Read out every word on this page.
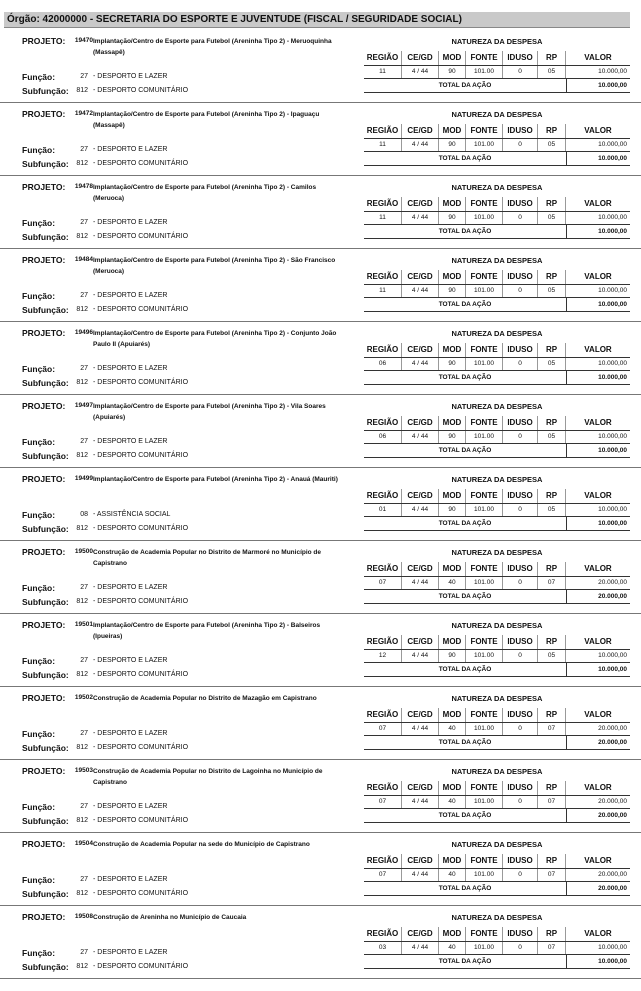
Órgão: 42000000 - SECRETARIA DO ESPORTE E JUVENTUDE (FISCAL / SEGURIDADE SOCIAL)
PROJETO:	19470 Implantação/Centro de Esporte para Futebol (Areninha Tipo 2) - Meruoquinha (Massapê)
Função:	27 - DESPORTO E LAZER
Subfunção:	812 - DESPORTO COMUNITÁRIO
NATUREZA DA DESPESA
REGIÃO	CE/GD	MOD	FONTE	IDUSO	RP	VALOR
11	4 / 44	90	101.00	0	05	10.000,00
TOTAL DA AÇÃO	10.000,00
PROJETO:	19472 Implantação/Centro de Esporte para Futebol (Areninha Tipo 2) - Ipaguaçu (Massapê)
Função:	27 - DESPORTO E LAZER
Subfunção:	812 - DESPORTO COMUNITÁRIO
NATUREZA DA DESPESA
REGIÃO	CE/GD	MOD	FONTE	IDUSO	RP	VALOR
11	4 / 44	90	101.00	0	05	10.000,00
TOTAL DA AÇÃO	10.000,00
PROJETO:	19478 Implantação/Centro de Esporte para Futebol (Areninha Tipo 2) - Camilos (Meruoca)
Função:	27 - DESPORTO E LAZER
Subfunção:	812 - DESPORTO COMUNITÁRIO
NATUREZA DA DESPESA
REGIÃO	CE/GD	MOD	FONTE	IDUSO	RP	VALOR
11	4 / 44	90	101.00	0	05	10.000,00
TOTAL DA AÇÃO	10.000,00
PROJETO:	19484 Implantação/Centro de Esporte para Futebol (Areninha Tipo 2) - São Francisco (Meruoca)
Função:	27 - DESPORTO E LAZER
Subfunção:	812 - DESPORTO COMUNITÁRIO
NATUREZA DA DESPESA
REGIÃO	CE/GD	MOD	FONTE	IDUSO	RP	VALOR
11	4 / 44	90	101.00	0	05	10.000,00
TOTAL DA AÇÃO	10.000,00
PROJETO:	19496 Implantação/Centro de Esporte para Futebol (Areninha Tipo 2) - Conjunto João Paulo II (Apuiarés)
Função:	27 - DESPORTO E LAZER
Subfunção:	812 - DESPORTO COMUNITÁRIO
NATUREZA DA DESPESA
REGIÃO	CE/GD	MOD	FONTE	IDUSO	RP	VALOR
06	4 / 44	90	101.00	0	05	10.000,00
TOTAL DA AÇÃO	10.000,00
PROJETO:	19497 Implantação/Centro de Esporte para Futebol (Areninha Tipo 2) - Vila Soares (Apuiarés)
Função:	27 - DESPORTO E LAZER
Subfunção:	812 - DESPORTO COMUNITÁRIO
NATUREZA DA DESPESA
REGIÃO	CE/GD	MOD	FONTE	IDUSO	RP	VALOR
06	4 / 44	90	101.00	0	05	10.000,00
TOTAL DA AÇÃO	10.000,00
PROJETO:	19499 Implantação/Centro de Esporte para Futebol (Areninha Tipo 2) - Anauá (Mauriti)
Função:	08 - ASSISTÊNCIA SOCIAL
Subfunção:	812 - DESPORTO COMUNITÁRIO
NATUREZA DA DESPESA
REGIÃO	CE/GD	MOD	FONTE	IDUSO	RP	VALOR
01	4 / 44	90	101.00	0	05	10.000,00
TOTAL DA AÇÃO	10.000,00
PROJETO:	19500 Construção de Academia Popular no Distrito de Marmoré no Município de Capistrano
Função:	27 - DESPORTO E LAZER
Subfunção:	812 - DESPORTO COMUNITÁRIO
NATUREZA DA DESPESA
REGIÃO	CE/GD	MOD	FONTE	IDUSO	RP	VALOR
07	4 / 44	40	101.00	0	07	20.000,00
TOTAL DA AÇÃO	20.000,00
PROJETO:	19501 Implantação/Centro de Esporte para Futebol (Areninha Tipo 2) - Balseiros (Ipueiras)
Função:	27 - DESPORTO E LAZER
Subfunção:	812 - DESPORTO COMUNITÁRIO
NATUREZA DA DESPESA
REGIÃO	CE/GD	MOD	FONTE	IDUSO	RP	VALOR
12	4 / 44	90	101.00	0	05	10.000,00
TOTAL DA AÇÃO	10.000,00
PROJETO:	19502 Construção de Academia Popular no Distrito de Mazagão em Capistrano
Função:	27 - DESPORTO E LAZER
Subfunção:	812 - DESPORTO COMUNITÁRIO
NATUREZA DA DESPESA
REGIÃO	CE/GD	MOD	FONTE	IDUSO	RP	VALOR
07	4 / 44	40	101.00	0	07	20.000,00
TOTAL DA AÇÃO	20.000,00
PROJETO:	19503 Construção de Academia Popular no Distrito de Lagoinha no Município de Capistrano
Função:	27 - DESPORTO E LAZER
Subfunção:	812 - DESPORTO COMUNITÁRIO
NATUREZA DA DESPESA
REGIÃO	CE/GD	MOD	FONTE	IDUSO	RP	VALOR
07	4 / 44	40	101.00	0	07	20.000,00
TOTAL DA AÇÃO	20.000,00
PROJETO:	19504 Construção de Academia Popular na sede do Município de Capistrano
Função:	27 - DESPORTO E LAZER
Subfunção:	812 - DESPORTO COMUNITÁRIO
NATUREZA DA DESPESA
REGIÃO	CE/GD	MOD	FONTE	IDUSO	RP	VALOR
07	4 / 44	40	101.00	0	07	20.000,00
TOTAL DA AÇÃO	20.000,00
PROJETO:	19508 Construção de Areninha no Município de Caucaia
Função:	27 - DESPORTO E LAZER
Subfunção:	812 - DESPORTO COMUNITÁRIO
NATUREZA DA DESPESA
REGIÃO	CE/GD	MOD	FONTE	IDUSO	RP	VALOR
03	4 / 44	40	101.00	0	07	10.000,00
TOTAL DA AÇÃO	10.000,00
